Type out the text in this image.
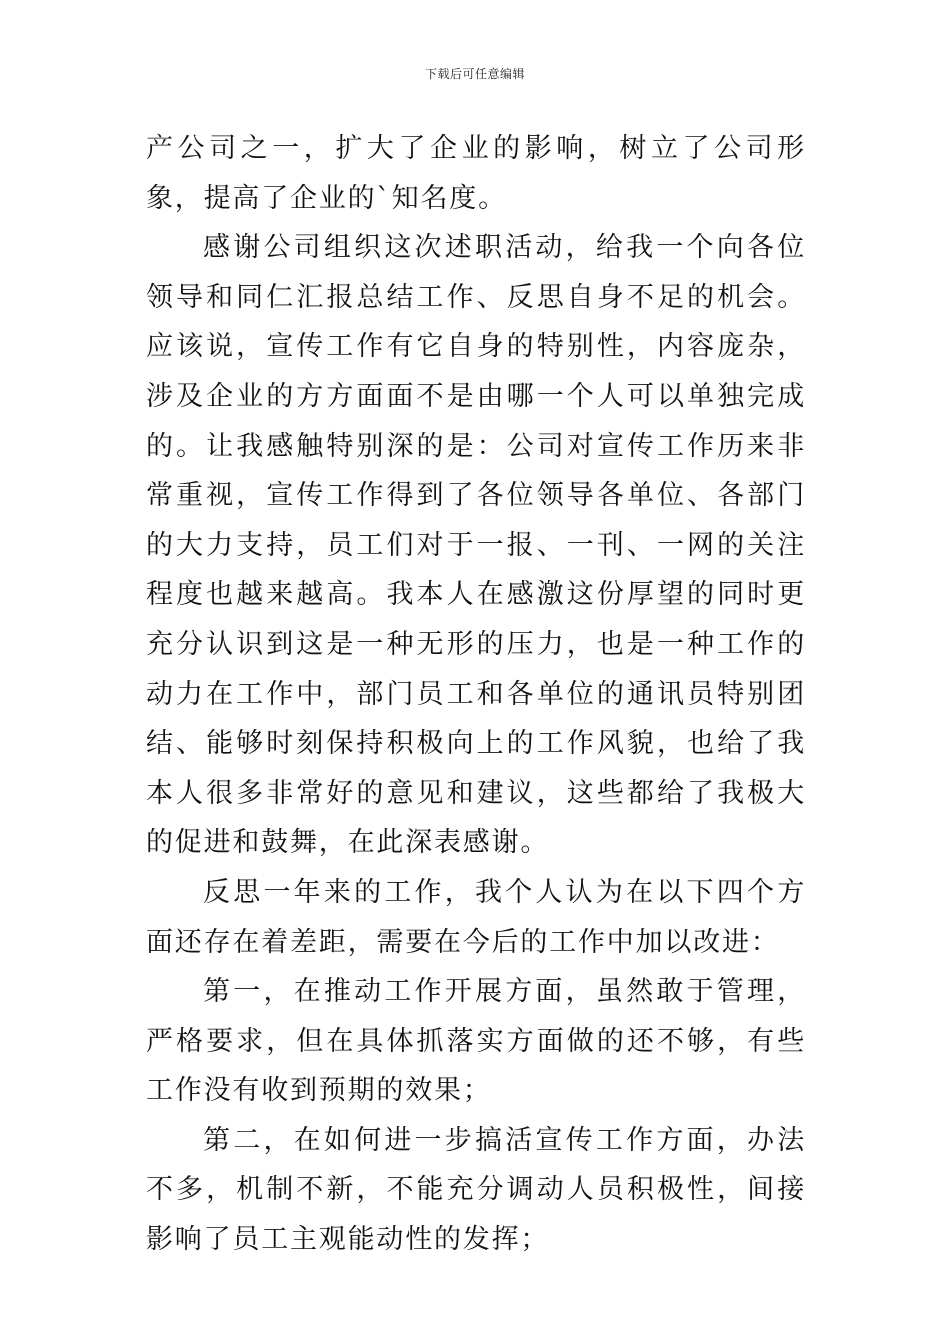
下载后可任意编辑

产公司之一，扩大了企业的影响，树立了公司形象，提高了企业的`知名度。

感谢公司组织这次述职活动，给我一个向各位领导和同仁汇报总结工作、反思自身不足的机会。应该说，宣传工作有它自身的特别性，内容庞杂，涉及企业的方方面面不是由哪一个人可以单独完成的。让我感触特别深的是：公司对宣传工作历来非常重视，宣传工作得到了各位领导各单位、各部门的大力支持，员工们对于一报、一刊、一网的关注程度也越来越高。我本人在感激这份厚望的同时更充分认识到这是一种无形的压力，也是一种工作的动力在工作中，部门员工和各单位的通讯员特别团结、能够时刻保持积极向上的工作风貌，也给了我本人很多非常好的意见和建议，这些都给了我极大的促进和鼓舞，在此深表感谢。

反思一年来的工作，我个人认为在以下四个方面还存在着差距，需要在今后的工作中加以改进：

第一，在推动工作开展方面，虽然敢于管理，严格要求，但在具体抓落实方面做的还不够，有些工作没有收到预期的效果；

第二，在如何进一步搞活宣传工作方面，办法不多，机制不新，不能充分调动人员积极性，间接影响了员工主观能动性的发挥；
